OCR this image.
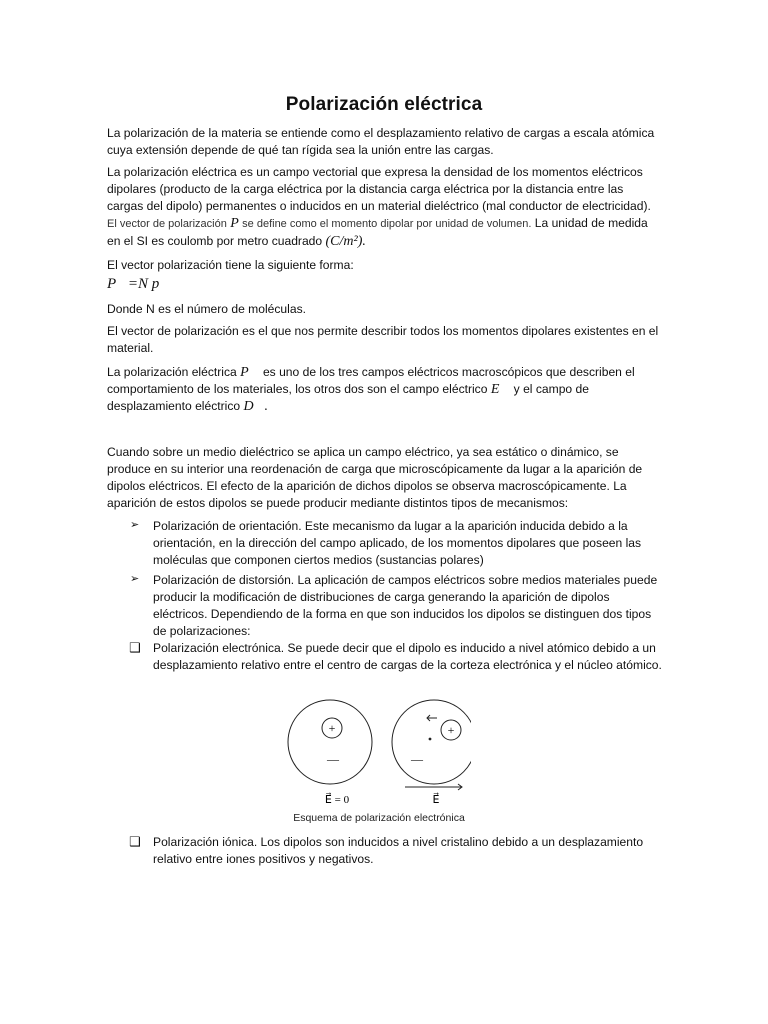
Polarización eléctrica

La polarización de la materia se entiende como el desplazamiento relativo de cargas a escala atómica cuya extensión depende de qué tan rígida sea la unión entre las cargas.

La polarización eléctrica es un campo vectorial que expresa la densidad de los momentos eléctricos dipolares (producto de la carga eléctrica por la distancia carga eléctrica por la distancia entre las cargas del dipolo) permanentes o inducidos en un material dieléctrico (mal conductor de electricidad). El vector de polarización P se define como el momento dipolar por unidad de volumen. La unidad de medida en el SI es coulomb por metro cuadrado (C/m²).

El vector polarización tiene la siguiente forma:

P⃗=N p⃗

Donde N es el número de moléculas.

El vector de polarización es el que nos permite describir todos los momentos dipolares existentes en el material.

La polarización eléctrica P⃗ es uno de los tres campos eléctricos macroscópicos que describen el comportamiento de los materiales, los otros dos son el campo eléctrico E⃗ y el campo de desplazamiento eléctrico D⃗.

Cuando sobre un medio dieléctrico se aplica un campo eléctrico, ya sea estático o dinámico, se produce en su interior una reordenación de carga que microscópicamente da lugar a la aparición de dipolos eléctricos. El efecto de la aparición de dichos dipolos se observa macroscópicamente. La aparición de estos dipolos se puede producir mediante distintos tipos de mecanismos:

➢ Polarización de orientación. Este mecanismo da lugar a la aparición inducida debido a la orientación, en la dirección del campo aplicado, de los momentos dipolares que poseen las moléculas que componen ciertos medios (sustancias polares)

➢ Polarización de distorsión. La aplicación de campos eléctricos sobre medios materiales puede producir la modificación de distribuciones de carga generando la aparición de dipolos eléctricos. Dependiendo de la forma en que son inducidos los dipolos se distinguen dos tipos de polarizaciones:

❑ Polarización electrónica. Se puede decir que el dipolo es inducido a nivel atómico debido a un desplazamiento relativo entre el centro de cargas de la corteza electrónica y el núcleo atómico.

+
—
+
—
E⃗ = 0	E⃗
Esquema de polarización electrónica
❑ Polarización iónica. Los dipolos son inducidos a nivel cristalino debido a un desplazamiento relativo entre iones positivos y negativos.
